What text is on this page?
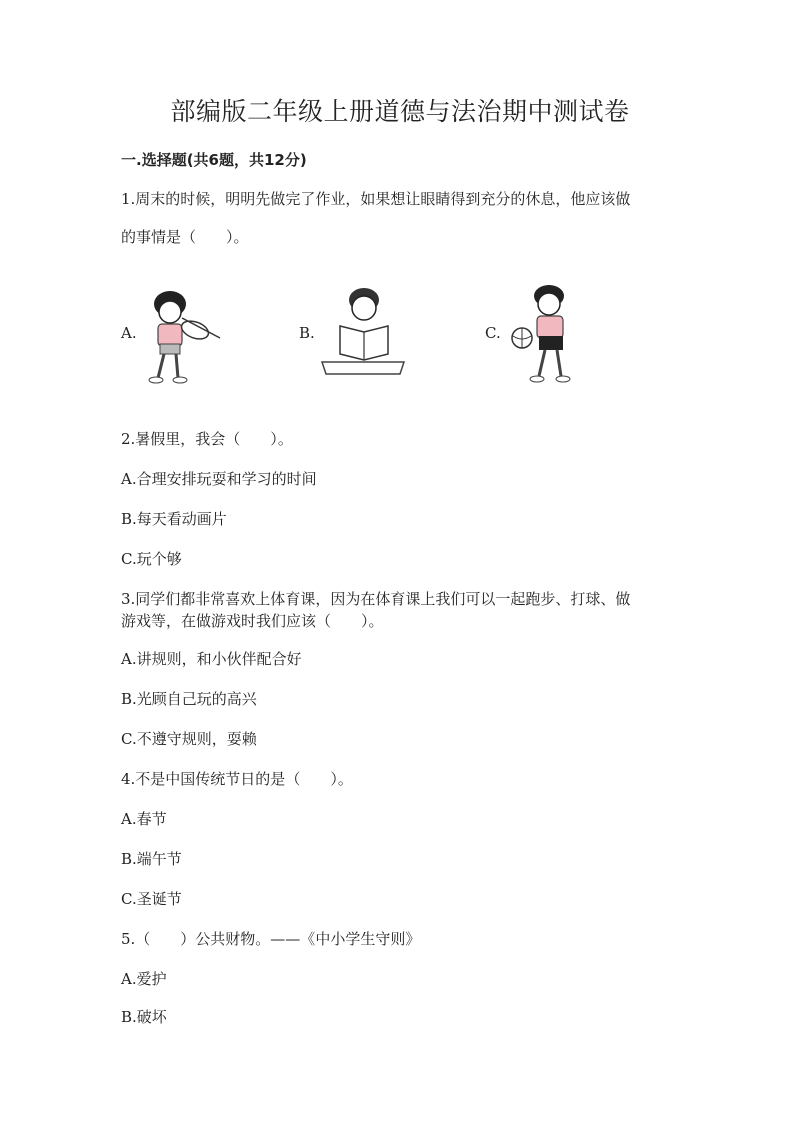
部编版二年级上册道德与法治期中测试卷
一.选择题(共6题，共12分)
1.周末的时候，明明先做完了作业，如果想让眼睛得到充分的休息，他应该做
的事情是（　　）。
A.	B.	C.
2.暑假里，我会（　　）。
A.合理安排玩耍和学习的时间
B.每天看动画片
C.玩个够
3.同学们都非常喜欢上体育课，因为在体育课上我们可以一起跑步、打球、做
游戏等，在做游戏时我们应该（　　）。
A.讲规则，和小伙伴配合好
B.光顾自己玩的高兴
C.不遵守规则，耍赖
4.不是中国传统节日的是（　　）。
A.春节
B.端午节
C.圣诞节
5.（　　）公共财物。——《中小学生守则》
A.爱护
B.破坏
